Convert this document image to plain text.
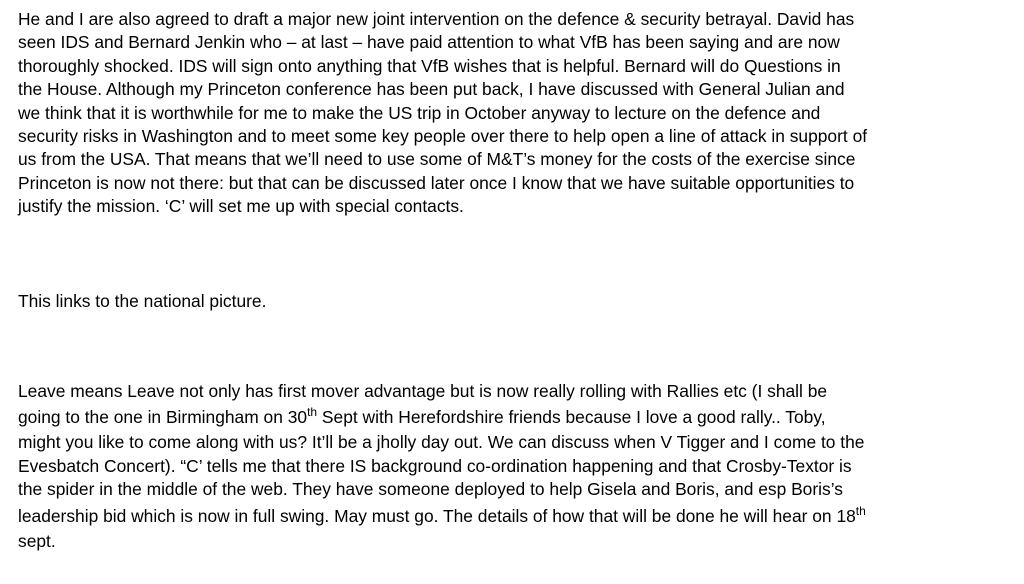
He and I are also agreed to draft a major new joint intervention on the defence & security betrayal. David has
seen IDS and Bernard Jenkin who – at last – have paid attention to what VfB has been saying and are now
thoroughly shocked. IDS will sign onto anything that VfB wishes that is helpful. Bernard will do Questions in
the House. Although my Princeton conference has been put back, I have discussed with General Julian and
we think that it is worthwhile for me to make the US trip in October anyway to lecture on the defence and
security risks in Washington and to meet some key people over there to help open a line of attack in support of
us from the USA. That means that we’ll need to use some of M&T’s money for the costs of the exercise since
Princeton is now not there: but that can be discussed later once I know that we have suitable opportunities to
justify the mission. ‘C’ will set me up with special contacts.

This links to the national picture.

Leave means Leave not only has first mover advantage but is now really rolling with Rallies etc (I shall be
going to the one in Birmingham on 30th Sept with Herefordshire friends because I love a good rally.. Toby,
might you like to come along with us? It’ll be a jholly day out. We can discuss when V Tigger and I come to the
Evesbatch Concert). “C’ tells me that there IS background co-ordination happening and that Crosby-Textor is
the spider in the middle of the web. They have someone deployed to help Gisela and Boris, and esp Boris’s
leadership bid which is now in full swing. May must go. The details of how that will be done he will hear on 18th
sept.
